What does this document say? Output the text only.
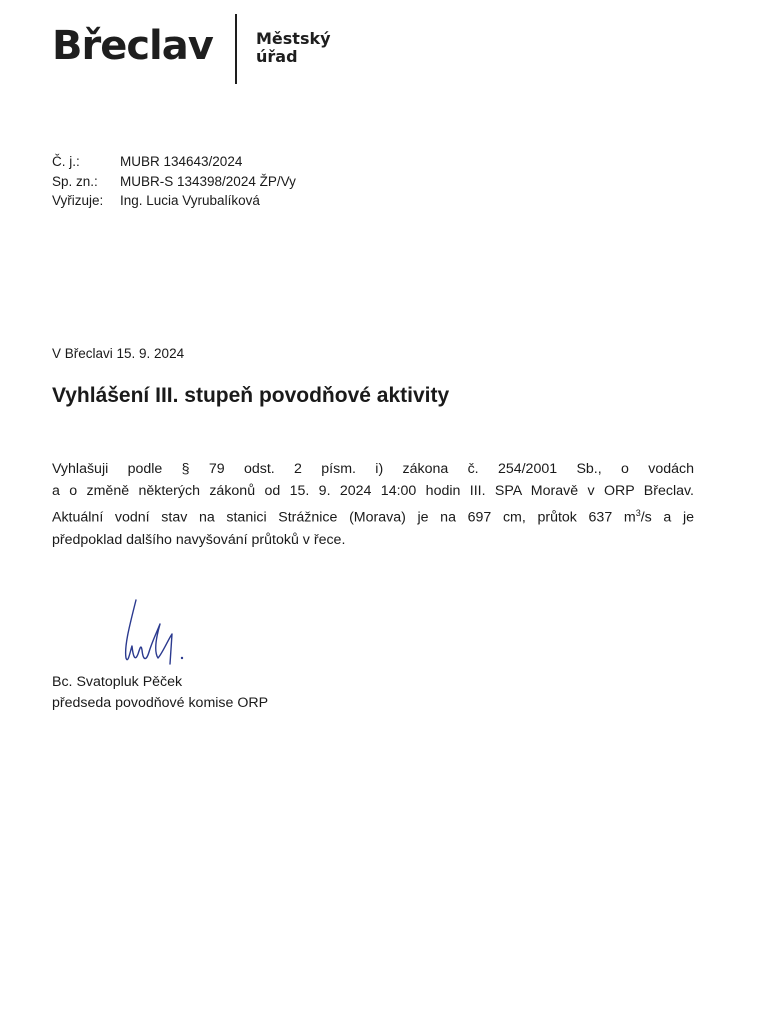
Břeclav	Městský
úřad
Č. j.:	MUBR 134643/2024
Sp. zn.:	MUBR-S 134398/2024 ŽP/Vy
Vyřizuje:	Ing. Lucia Vyrubalíková
V Břeclavi 15. 9. 2024
Vyhlášení III. stupeň povodňové aktivity
Vyhlašuji podle § 79 odst. 2 písm. i) zákona č. 254/2001 Sb., o vodách
a o změně některých zákonů od 15. 9. 2024 14:00 hodin III. SPA Moravě v ORP Břeclav.
Aktuální vodní stav na stanici Strážnice (Morava) je na 697 cm, průtok 637 $m^3/s$ a je
předpoklad dalšího navyšování průtoků v řece.
Bc. Svatopluk Pěček
předseda povodňové komise ORP
